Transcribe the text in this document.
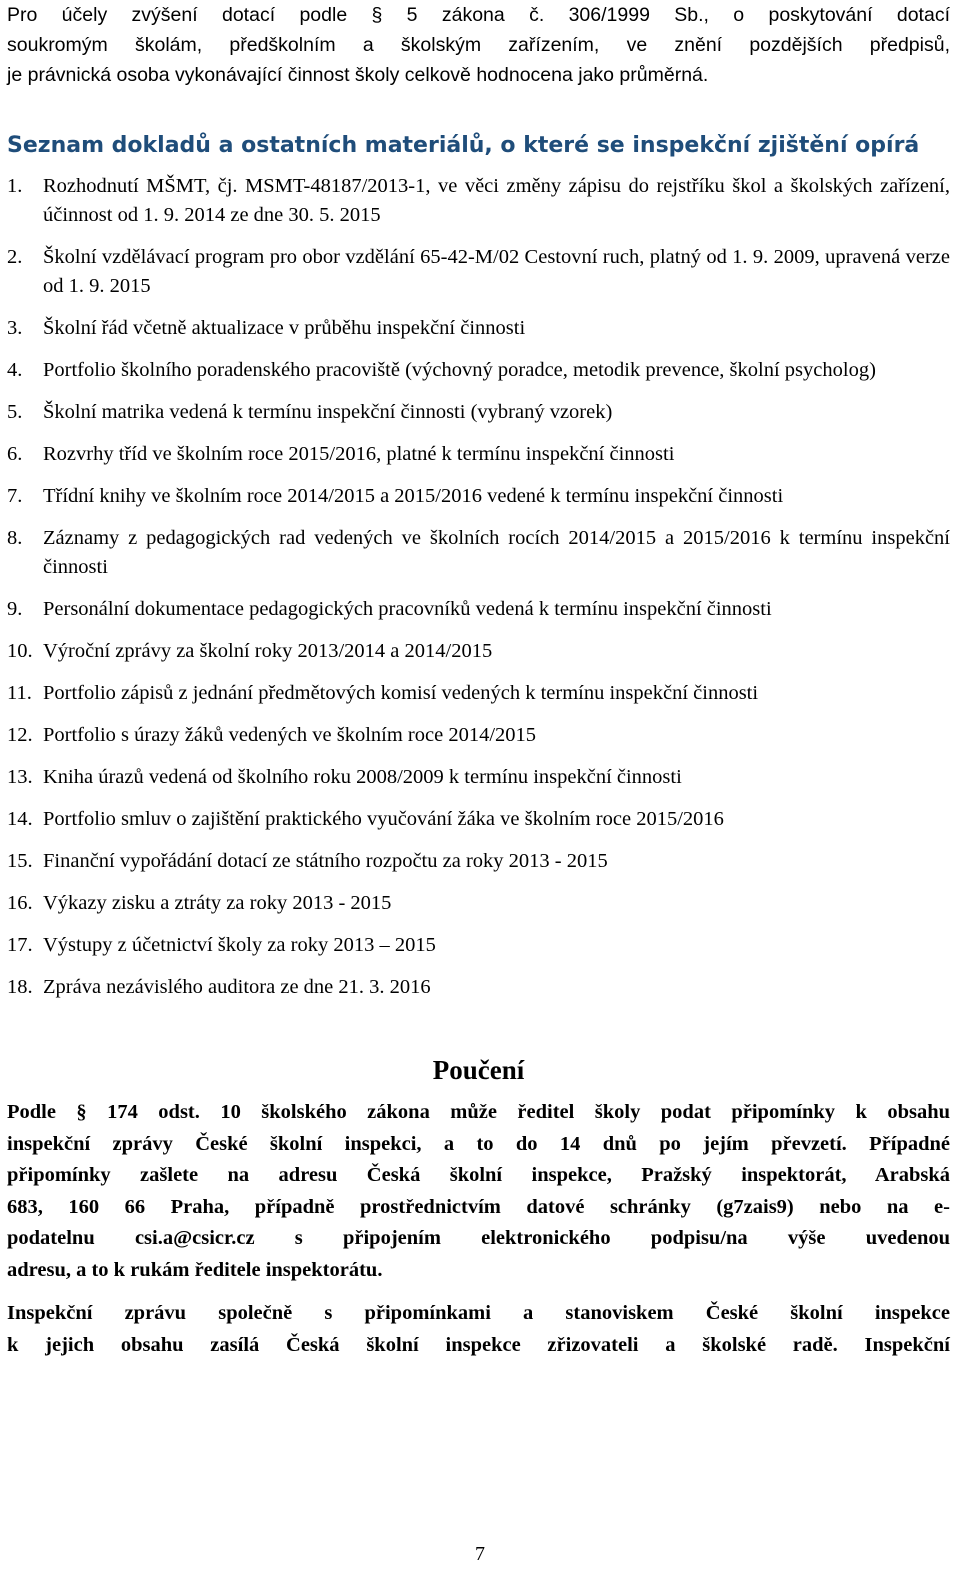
Pro účely zvýšení dotací podle § 5 zákona č. 306/1999 Sb., o poskytování dotací
soukromým školám, předškolním a školským zařízením, ve znění pozdějších předpisů,
je právnická osoba vykonávající činnost školy celkově hodnocena jako průměrná.

Seznam dokladů a ostatních materiálů, o které se inspekční zjištění opírá
1. Rozhodnutí MŠMT, čj. MSMT-48187/2013-1, ve věci změny zápisu do rejstříku škol a školských zařízení, účinnost od 1. 9. 2014 ze dne 30. 5. 2015
2. Školní vzdělávací program pro obor vzdělání 65-42-M/02 Cestovní ruch, platný od 1. 9. 2009, upravená verze od 1. 9. 2015
3. Školní řád včetně aktualizace v průběhu inspekční činnosti
4. Portfolio školního poradenského pracoviště (výchovný poradce, metodik prevence, školní psycholog)
5. Školní matrika vedená k termínu inspekční činnosti (vybraný vzorek)
6. Rozvrhy tříd ve školním roce 2015/2016, platné k termínu inspekční činnosti
7. Třídní knihy ve školním roce 2014/2015 a 2015/2016 vedené k termínu inspekční činnosti
8. Záznamy z pedagogických rad vedených ve školních rocích 2014/2015 a 2015/2016 k termínu inspekční činnosti
9. Personální dokumentace pedagogických pracovníků vedená k termínu inspekční činnosti
10. Výroční zprávy za školní roky 2013/2014 a 2014/2015
11. Portfolio zápisů z jednání předmětových komisí vedených k termínu inspekční činnosti
12. Portfolio s úrazy žáků vedených ve školním roce 2014/2015
13. Kniha úrazů vedená od školního roku 2008/2009 k termínu inspekční činnosti
14. Portfolio smluv o zajištění praktického vyučování žáka ve školním roce 2015/2016
15. Finanční vypořádání dotací ze státního rozpočtu za roky 2013 - 2015
16. Výkazy zisku a ztráty za roky 2013 - 2015
17. Výstupy z účetnictví školy za roky 2013 – 2015
18. Zpráva nezávislého auditora ze dne 21. 3. 2016
Poučení

Podle § 174 odst. 10 školského zákona může ředitel školy podat připomínky k obsahu
inspekční zprávy České školní inspekci, a to do 14 dnů po jejím převzetí. Případné
připomínky zašlete na adresu Česká školní inspekce, Pražský inspektorát, Arabská
683, 160 66 Praha, případně prostřednictvím datové schránky (g7zais9) nebo na e-
podatelnu csi.a@csicr.cz s připojením elektronického podpisu/na výše uvedenou
adresu, a to k rukám ředitele inspektorátu.

Inspekční zprávu společně s připomínkami a stanoviskem České školní inspekce
k jejich obsahu zasílá Česká školní inspekce zřizovateli a školské radě. Inspekční

7
